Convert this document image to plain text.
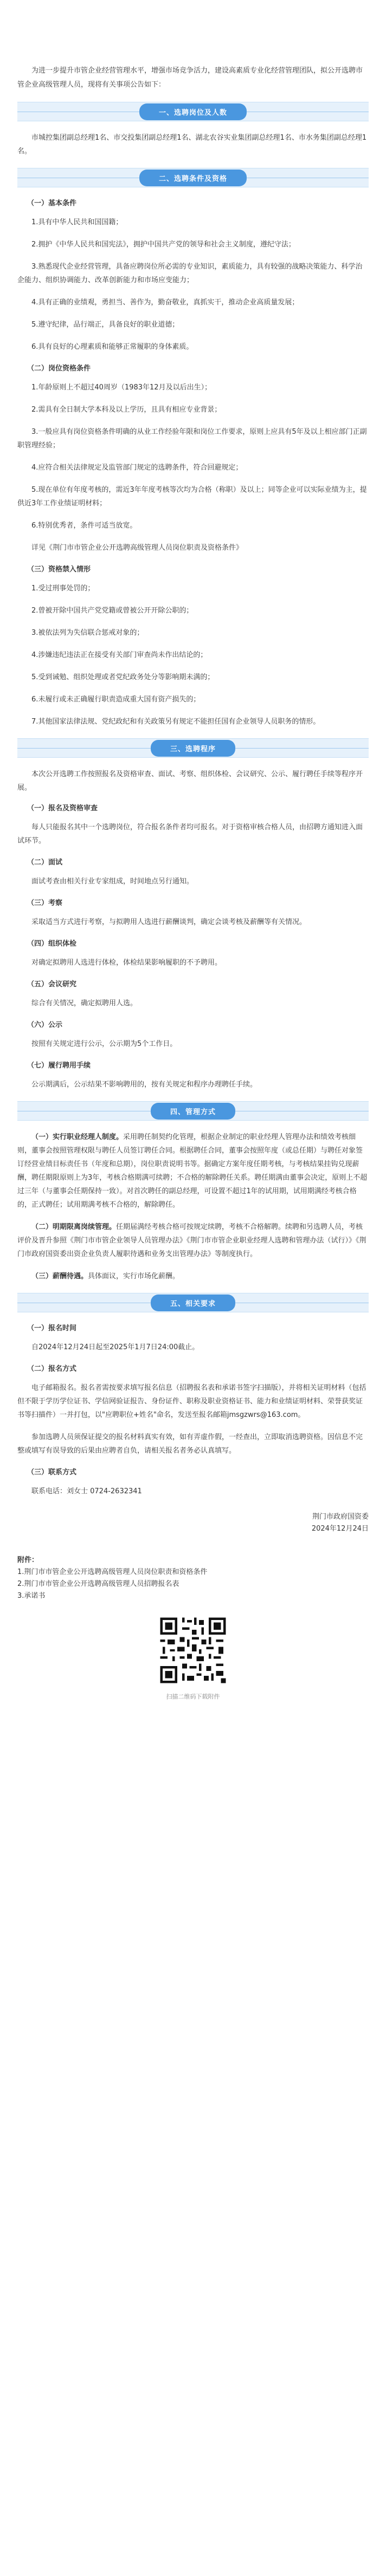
为进一步提升市管企业经营管理水平，增强市场竞争活力，建设高素质专业化经营管理团队，拟公开选聘市管企业高级管理人员，现将有关事项公告如下：

一、选聘岗位及人数

市城控集团副总经理1名、市交投集团副总经理1名、湖北农谷实业集团副总经理1名、市水务集团副总经理1名。

二、选聘条件及资格
（一）基本条件

1.具有中华人民共和国国籍；

2.拥护《中华人民共和国宪法》，拥护中国共产党的领导和社会主义制度，遵纪守法；

3.熟悉现代企业经营管理，具备应聘岗位所必需的专业知识，素质能力，具有较强的战略决策能力、科学治企能力、组织协调能力、改革创新能力和市场应变能力；

4.具有正确的业绩观，勇担当、善作为，勤奋敬业，真抓实干，推动企业高质量发展；

5.遵守纪律，品行端正，具备良好的职业道德；

6.具有良好的心理素质和能够正常履职的身体素质。

（二）岗位资格条件

1.年龄原则上不超过40周岁（1983年12月及以后出生）；

2.需具有全日制大学本科及以上学历，且具有相应专业背景；

3.一般应具有岗位资格条件明确的从业工作经验年限和岗位工作要求，原则上应具有5年及以上相应部门正副职管理经验；

4.应符合相关法律规定及监管部门规定的选聘条件，符合回避规定；

5.现在单位有年度考核的，需近3年年度考核等次均为合格（称职）及以上；同等企业可以实际业绩为主，提供近3年工作业绩证明材料；

6.特别优秀者，条件可适当放宽。

详见《荆门市市管企业公开选聘高级管理人员岗位职责及资格条件》

（三）资格禁入情形

1.受过刑事处罚的；

2.曾被开除中国共产党党籍或曾被公开开除公职的；

3.被依法列为失信联合惩戒对象的；

4.涉嫌违纪违法正在接受有关部门审查尚未作出结论的；

5.受到诫勉、组织处理或者党纪政务处分等影响期未满的；

6.未履行或未正确履行职责造成重大国有资产损失的；

7.其他国家法律法规、党纪政纪和有关政策另有规定不能担任国有企业领导人员职务的情形。

三、选聘程序

本次公开选聘工作按照报名及资格审查、面试、考察、组织体检、会议研究、公示、履行聘任手续等程序开展。

（一）报名及资格审查

每人只能报名其中一个选聘岗位，符合报名条件者均可报名。对于资格审核合格人员，由招聘方通知进入面试环节。

（二）面试

面试考查由相关行业专家组成，时间地点另行通知。

（三）考察

采取适当方式进行考察，与拟聘用人选进行薪酬谈判，确定会谈考核及薪酬等有关情况。

（四）组织体检

对确定拟聘用人选进行体检，体检结果影响履职的不予聘用。

（五）会议研究

综合有关情况，确定拟聘用人选。

（六）公示

按照有关规定进行公示，公示期为5个工作日。

（七）履行聘用手续

公示期满后，公示结果不影响聘用的，按有关规定和程序办理聘任手续。

四、管理方式

（一）实行职业经理人制度。采用聘任制契约化管理，根据企业制定的职业经理人管理办法和绩效考核细则，董事会按照管理权限与聘任人员签订聘任合同。根据聘任合同，董事会按照年度（或总任期）与聘任对象签订经营业绩目标责任书（年度和总期），岗位职责说明书等。据确定方案年度任期考核，与考核结果挂钩兑现薪酬，聘任期限原则上为3年，考核合格期满可续聘；不合格的解除聘任关系。聘任期满由董事会决定，原则上不超过三年（与董事会任期保持一致）。对首次聘任的副总经理，可设置不超过1年的试用期，试用期满经考核合格的，正式聘任；试用期满考核不合格的，解除聘任。

（二）明期限离岗续管理。任期届满经考核合格可按规定续聘，考核不合格解聘。续聘和另选聘人员，考核评价及晋升参照《荆门市市管企业领导人员管理办法》《荆门市市管企业职业经理人选聘和管理办法（试行）》《荆门市政府国资委出资企业负责人履职待遇和业务支出管理办法》等制度执行。

（三）薪酬待遇。具体面议，实行市场化薪酬。

五、相关要求
（一）报名时间

自2024年12月24日起至2025年1月7日24:00截止。

（二）报名方式

电子邮箱报名。报名者需按要求填写报名信息（招聘报名表和承诺书签字扫描版），并将相关证明材料（包括但不限于学历学位证书、学信网验证报告、身份证件、职称及职业资格证书、能力和业绩证明材料、荣誉获奖证书等扫描件）一并打包，以"应聘职位+姓名"命名，发送至报名邮箱jmsgzwrs@163.com。

参加选聘人员须保证提交的报名材料真实有效，如有弄虚作假，一经查出，立即取消选聘资格。因信息不完整或填写有误导致的后果由应聘者自负，请相关报名者务必认真填写。

（三）联系方式

联系电话：刘女士 0724-2632341

荆门市政府国资委
2024年12月24日
附件：
1.荆门市市管企业公开选聘高级管理人员岗位职责和资格条件
2.荆门市市管企业公开选聘高级管理人员招聘报名表
3.承诺书
扫描二维码下载附件
